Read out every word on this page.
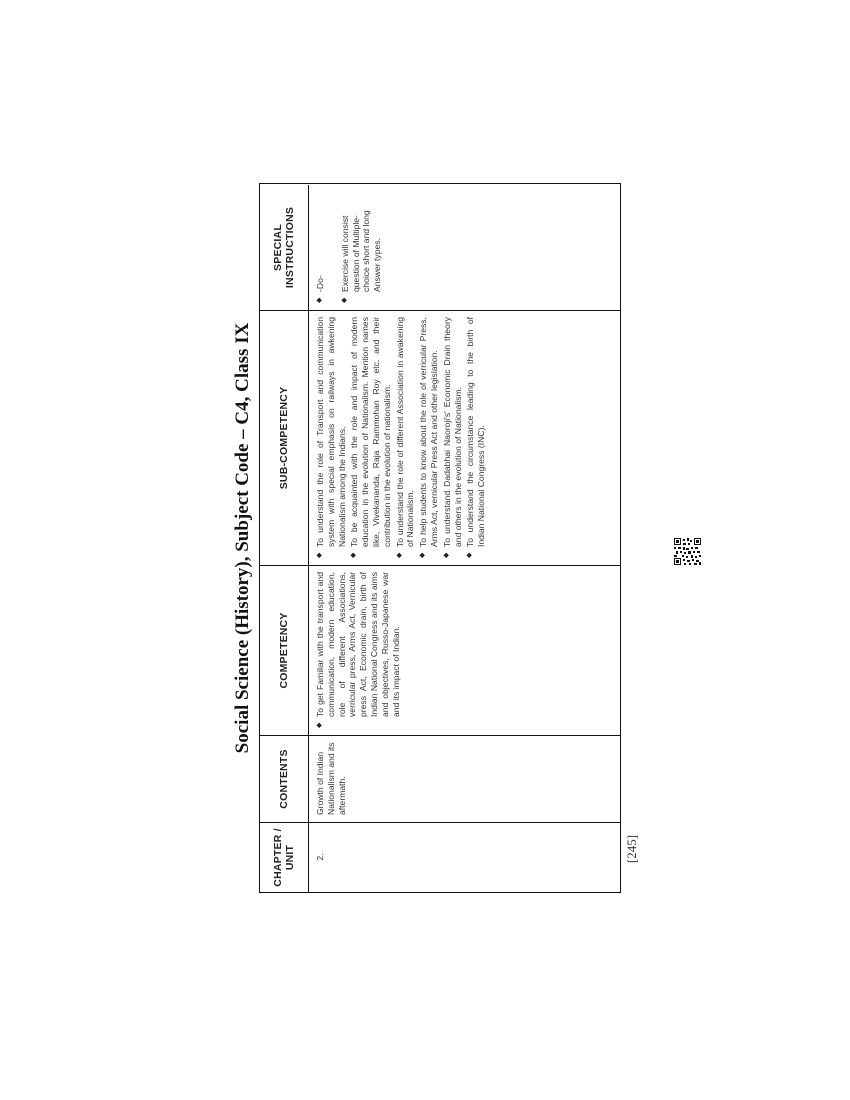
Social Science (History), Subject Code – C4, Class IX
CHAPTER / UNIT	2.
CONTENTS	Growth of Indian Nationalism and its aftermath.
COMPETENCY	◆ To get Familiar with the transport and communication, modern education, role of different Associations, verricular press, Arms Act, Vernicular press Act, Economic drain, birth of Indian National Congress and its aims and objectives, Russo-Japanese war and its impact of Indian.
SUB-COMPETENCY	◆ To understand the role of Transport and communication system with special emphasis on railways in awkening Nationalism among the Indians. ◆ To be acquainted with the role and impact of modern education in the evolution of Nationalism. Mention names like, Vivekananda, Raja Rammohan Roy etc. and their contribution in the evolution of nationalism. ◆ To understand the role of different Association in awakening of Nationalism. ◆ To help students to know about the role of verricular Press, Arms Act, vernicular Press Act and other legislation. ◆ To understand Dadabhai Naoroji's' Economic Drain theory and others in the evolution of Nationalism. ◆ To understand the circumstance leading to the birth of Indian National Congress (INC).
SPECIAL INSTRUCTIONS	◆ -Do- ◆ Exercise will consist question of Multiple-choice short and long Answer types.
[245]
